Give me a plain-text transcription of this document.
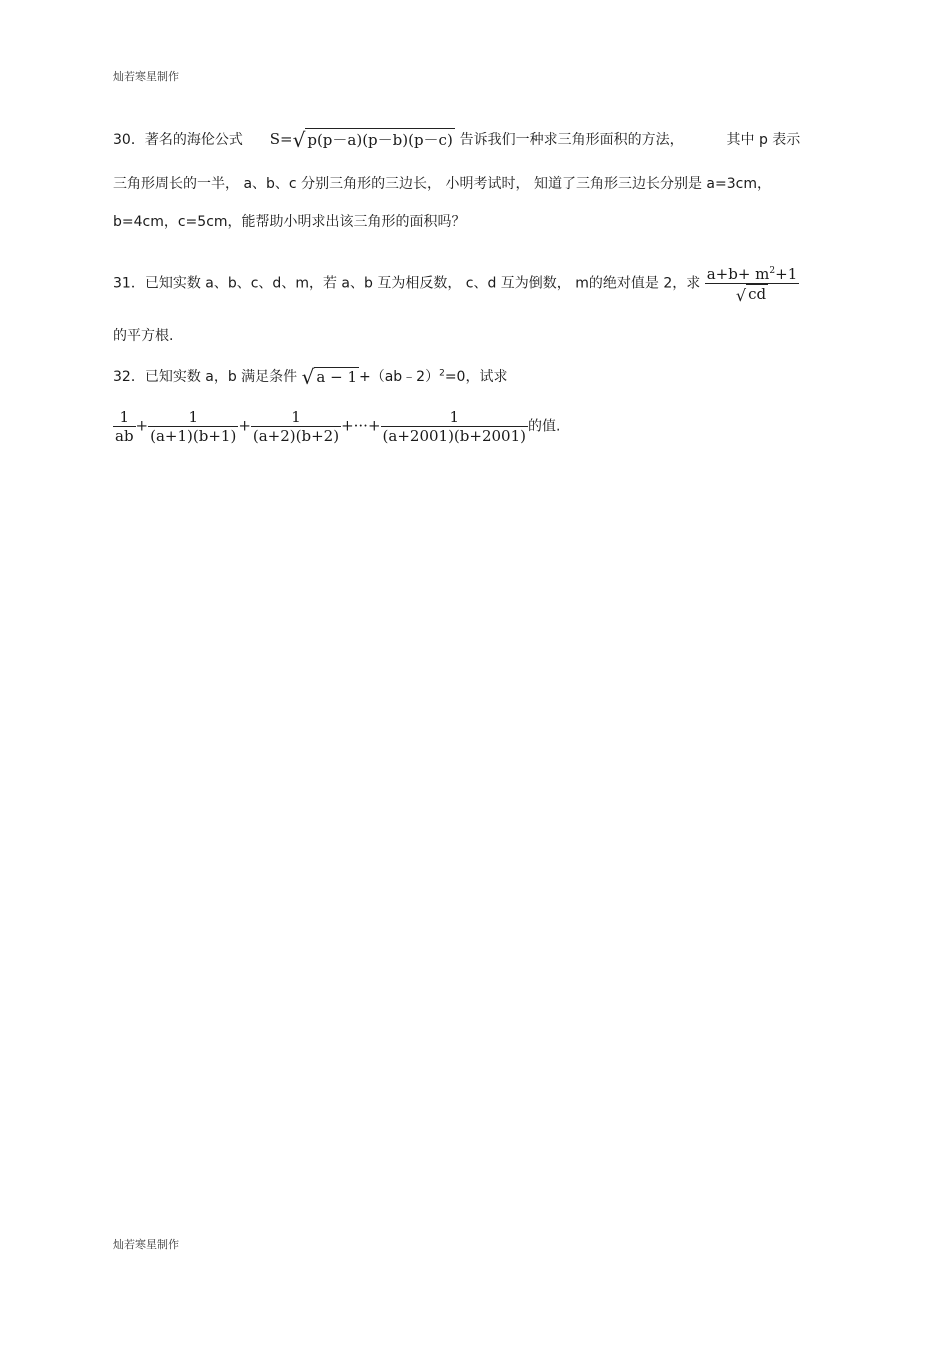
灿若寒星制作
30．著名的海伦公式 S=√ p(p－a)(p－b)(p－c) 告诉我们一种求三角形面积的方法，	其中 p 表示
三角形周长的一半， a、b、c 分别三角形的三边长， 小明考试时， 知道了三角形三边长分别是 a=3cm，
b=4cm，c=5cm，能帮助小明求出该三角形的面积吗？
31．已知实数 a、b、c、d、m，若 a、b 互为相反数， c、d 互为倒数， m的绝对值是 2，求 $\frac{a+b+ m^2+1}{√ cd}$
的平方根.
32．已知实数 a，b 满足条件 √ a − 1 +（ab﹣2）$^2$=0，试求
$\frac{1}{ab} + \frac{1}{(a+1)(b+1)} + \frac{1}{(a+2)(b+2)}$ +···+ $\frac{1}{(a+2001)(b+2001)}$ 的值.
灿若寒星制作
